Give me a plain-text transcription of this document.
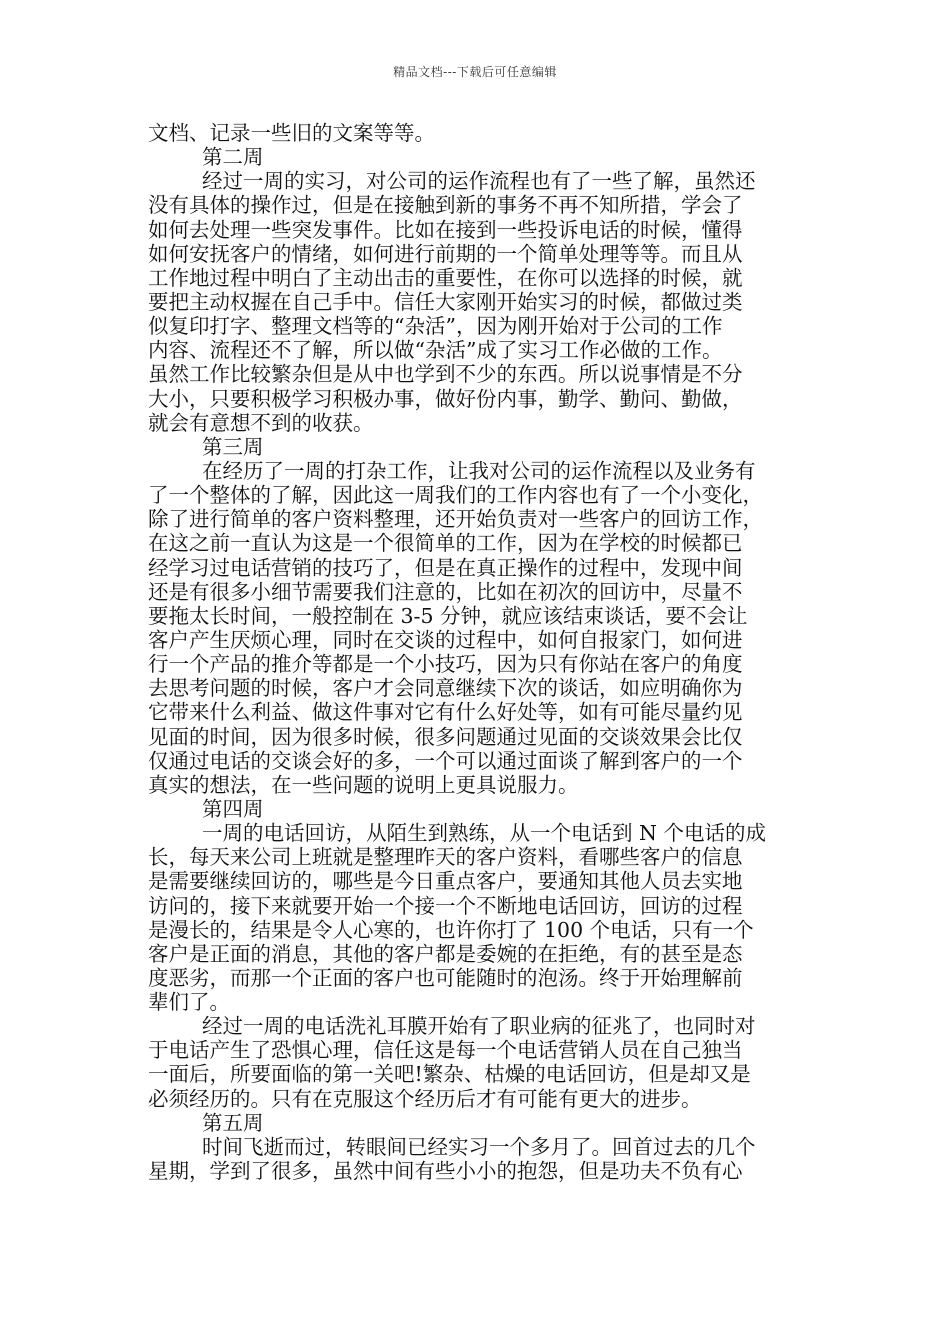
精品文档---下载后可任意编辑
文档、记录一些旧的文案等等。
第二周
经过一周的实习，对公司的运作流程也有了一些了解，虽然还
没有具体的操作过，但是在接触到新的事务不再不知所措，学会了
如何去处理一些突发事件。比如在接到一些投诉电话的时候，懂得
如何安抚客户的情绪，如何进行前期的一个简单处理等等。而且从
工作地过程中明白了主动出击的重要性，在你可以选择的时候，就
要把主动权握在自己手中。信任大家刚开始实习的时候，都做过类
似复印打字、整理文档等的“杂活”，因为刚开始对于公司的工作
内容、流程还不了解，所以做“杂活”成了实习工作必做的工作。
虽然工作比较繁杂但是从中也学到不少的东西。所以说事情是不分
大小，只要积极学习积极办事，做好份内事，勤学、勤问、勤做，
就会有意想不到的收获。
第三周
在经历了一周的打杂工作，让我对公司的运作流程以及业务有
了一个整体的了解，因此这一周我们的工作内容也有了一个小变化，
除了进行简单的客户资料整理，还开始负责对一些客户的回访工作，
在这之前一直认为这是一个很简单的工作，因为在学校的时候都已
经学习过电话营销的技巧了，但是在真正操作的过程中，发现中间
还是有很多小细节需要我们注意的，比如在初次的回访中，尽量不
要拖太长时间，一般控制在 3-5 分钟，就应该结束谈话，要不会让
客户产生厌烦心理，同时在交谈的过程中，如何自报家门，如何进
行一个产品的推介等都是一个小技巧，因为只有你站在客户的角度
去思考问题的时候，客户才会同意继续下次的谈话，如应明确你为
它带来什么利益、做这件事对它有什么好处等，如有可能尽量约见
见面的时间，因为很多时候，很多问题通过见面的交谈效果会比仅
仅通过电话的交谈会好的多，一个可以通过面谈了解到客户的一个
真实的想法，在一些问题的说明上更具说服力。
第四周
一周的电话回访，从陌生到熟练，从一个电话到 N 个电话的成
长，每天来公司上班就是整理昨天的客户资料，看哪些客户的信息
是需要继续回访的，哪些是今日重点客户，要通知其他人员去实地
访问的，接下来就要开始一个接一个不断地电话回访，回访的过程
是漫长的，结果是令人心寒的，也许你打了 100 个电话，只有一个
客户是正面的消息，其他的客户都是委婉的在拒绝，有的甚至是态
度恶劣，而那一个正面的客户也可能随时的泡汤。终于开始理解前
辈们了。
经过一周的电话洗礼耳膜开始有了职业病的征兆了，也同时对
于电话产生了恐惧心理，信任这是每一个电话营销人员在自己独当
一面后，所要面临的第一关吧!繁杂、枯燥的电话回访，但是却又是
必须经历的。只有在克服这个经历后才有可能有更大的进步。
第五周
时间飞逝而过，转眼间已经实习一个多月了。回首过去的几个
星期，学到了很多，虽然中间有些小小的抱怨，但是功夫不负有心
